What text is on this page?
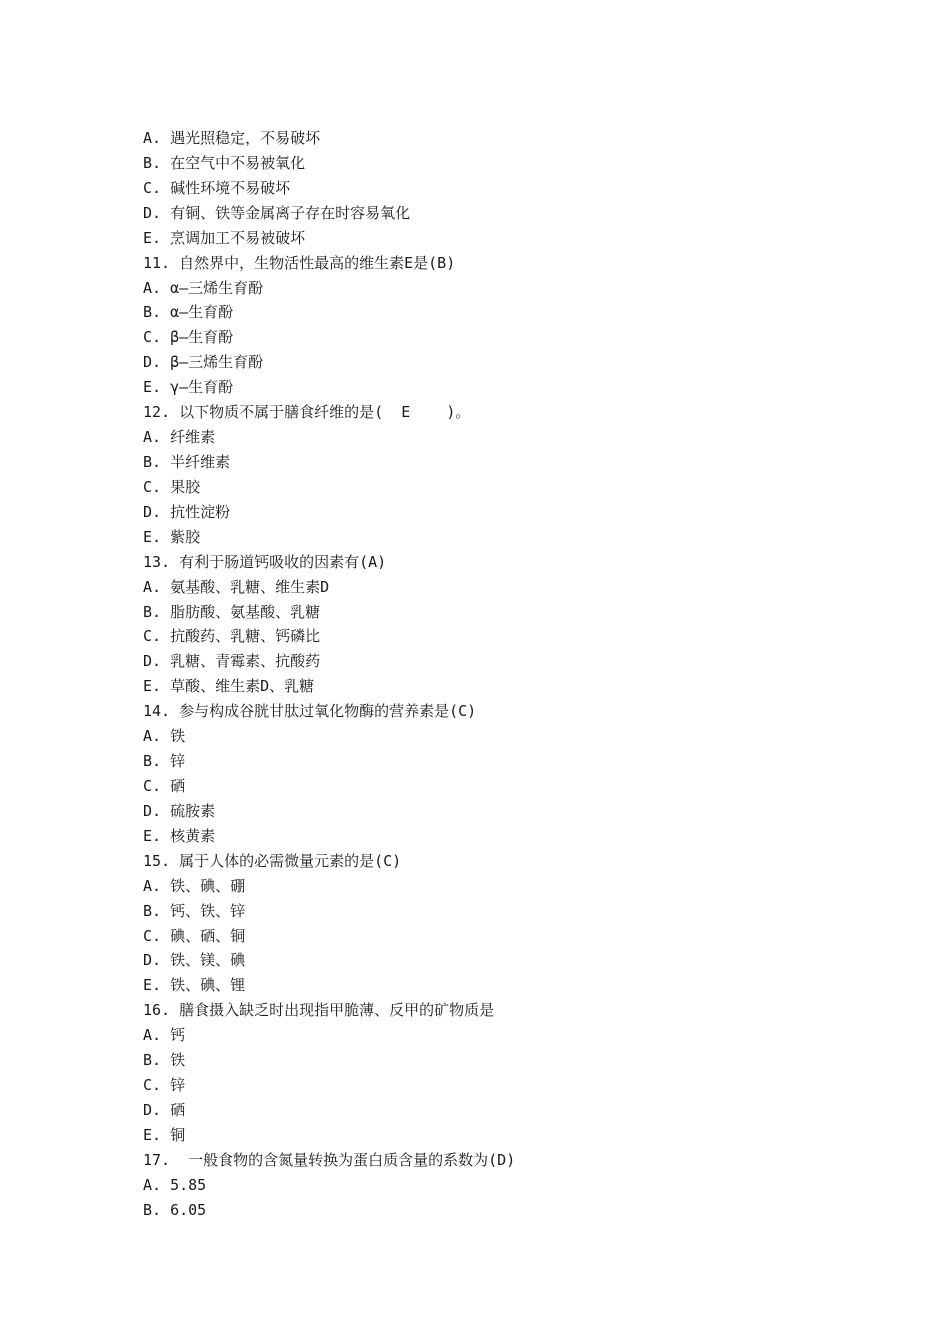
A. 遇光照稳定，不易破坏
B. 在空气中不易被氧化
C. 碱性环境不易破坏
D. 有铜、铁等金属离子存在时容易氧化
E. 烹调加工不易被破坏
11. 自然界中，生物活性最高的维生素E是(B)
A. α—三烯生育酚
B. α—生育酚
C. β—生育酚
D. β—三烯生育酚
E. γ—生育酚
12. 以下物质不属于膳食纤维的是(  E    )。
A. 纤维素
B. 半纤维素
C. 果胶
D. 抗性淀粉
E. 紫胶
13. 有利于肠道钙吸收的因素有(A)
A. 氨基酸、乳糖、维生素D
B. 脂肪酸、氨基酸、乳糖
C. 抗酸药、乳糖、钙磷比
D. 乳糖、青霉素、抗酸药
E. 草酸、维生素D、乳糖
14. 参与构成谷胱甘肽过氧化物酶的营养素是(C)
A. 铁
B. 锌
C. 硒
D. 硫胺素
E. 核黄素
15. 属于人体的必需微量元素的是(C)
A. 铁、碘、硼
B. 钙、铁、锌
C. 碘、硒、铜
D. 铁、镁、碘
E. 铁、碘、锂
16. 膳食摄入缺乏时出现指甲脆薄、反甲的矿物质是
A. 钙
B. 铁
C. 锌
D. 硒
E. 铜
17.  一般食物的含氮量转换为蛋白质含量的系数为(D)
A. 5.85
B. 6.05
